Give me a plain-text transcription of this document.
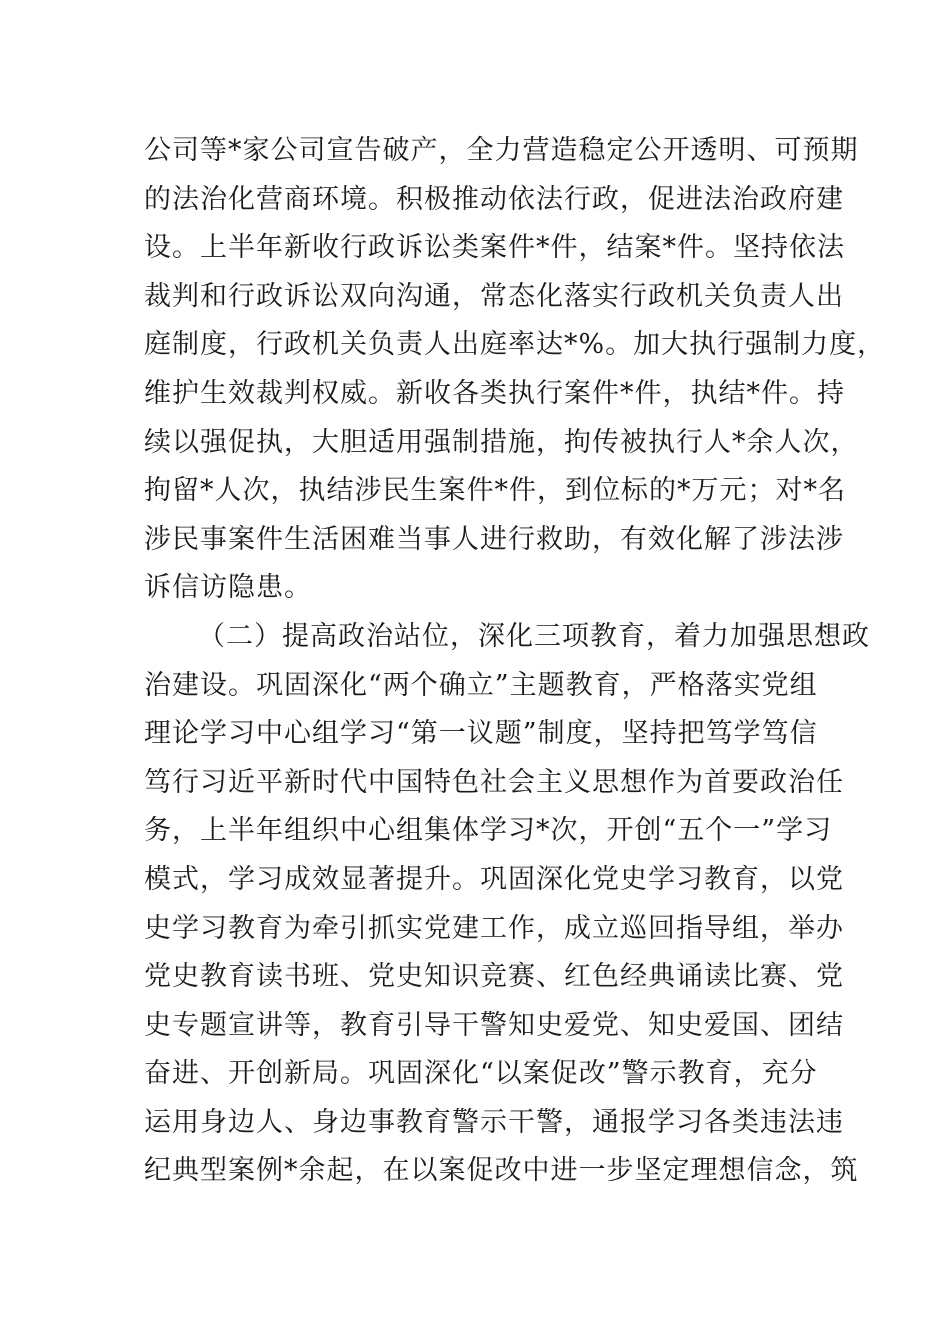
公司等*家公司宣告破产，全力营造稳定公开透明、可预期
的法治化营商环境。积极推动依法行政，促进法治政府建
设。上半年新收行政诉讼类案件*件，结案*件。坚持依法
裁判和行政诉讼双向沟通，常态化落实行政机关负责人出
庭制度，行政机关负责人出庭率达*%。加大执行强制力度，
维护生效裁判权威。新收各类执行案件*件，执结*件。持
续以强促执，大胆适用强制措施，拘传被执行人*余人次，
拘留*人次，执结涉民生案件*件，到位标的*万元；对*名
涉民事案件生活困难当事人进行救助，有效化解了涉法涉
诉信访隐患。
（二）提高政治站位，深化三项教育，着力加强思想政
治建设。巩固深化“两个确立”主题教育，严格落实党组
理论学习中心组学习“第一议题”制度，坚持把笃学笃信
笃行习近平新时代中国特色社会主义思想作为首要政治任
务，上半年组织中心组集体学习*次，开创“五个一”学习
模式，学习成效显著提升。巩固深化党史学习教育，以党
史学习教育为牵引抓实党建工作，成立巡回指导组，举办
党史教育读书班、党史知识竞赛、红色经典诵读比赛、党
史专题宣讲等，教育引导干警知史爱党、知史爱国、团结
奋进、开创新局。巩固深化“以案促改”警示教育，充分
运用身边人、身边事教育警示干警，通报学习各类违法违
纪典型案例*余起，在以案促改中进一步坚定理想信念，筑
